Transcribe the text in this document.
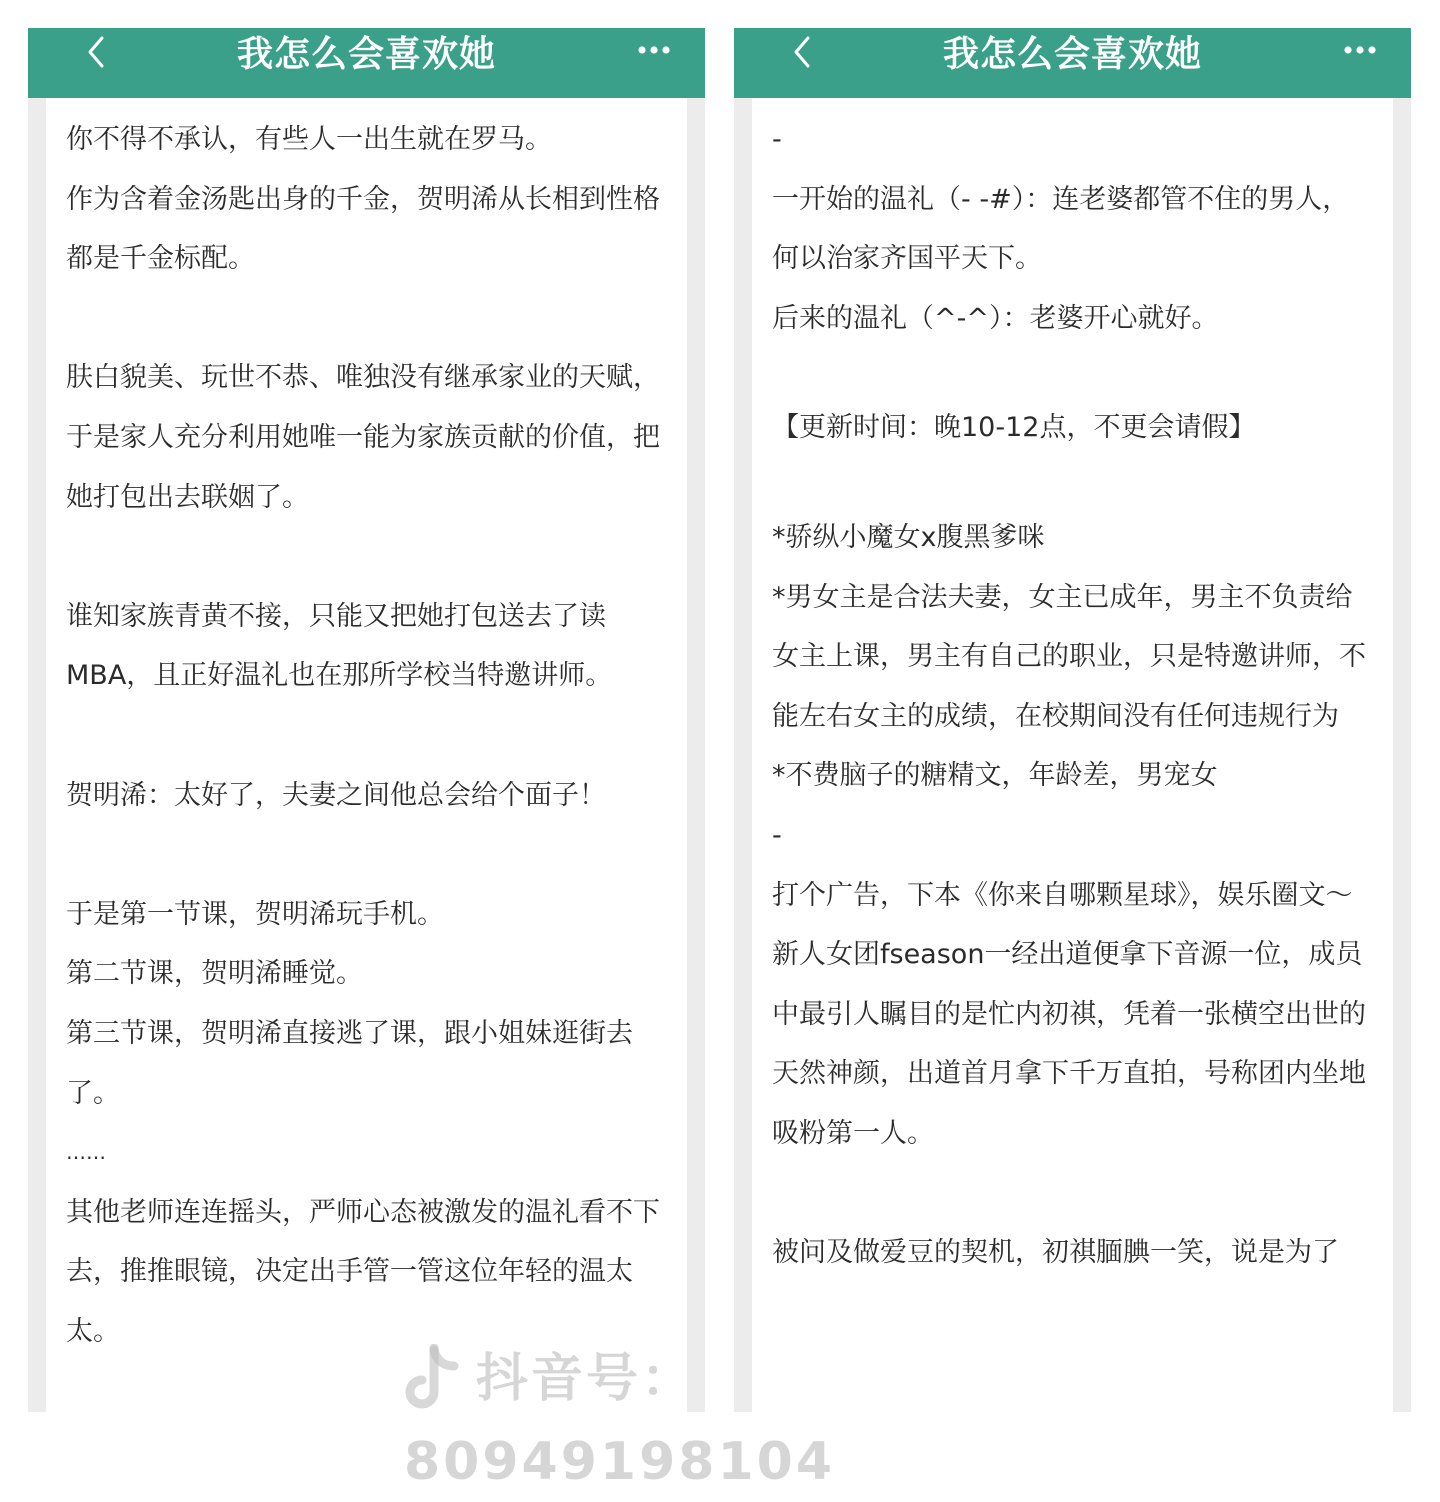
我怎么会喜欢她

你不得不承认，有些人一出生就在罗马。

作为含着金汤匙出身的千金，贺明浠从长相到性格都是千金标配。

肤白貌美、玩世不恭、唯独没有继承家业的天赋，于是家人充分利用她唯一能为家族贡献的价值，把她打包出去联姻了。

谁知家族青黄不接，只能又把她打包送去了读MBA，且正好温礼也在那所学校当特邀讲师。

贺明浠：太好了，夫妻之间他总会给个面子！

于是第一节课，贺明浠玩手机。

第二节课，贺明浠睡觉。

第三节课，贺明浠直接逃了课，跟小姐妹逛街去了。

……

其他老师连连摇头，严师心态被激发的温礼看不下去，推推眼镜，决定出手管一管这位年轻的温太太。

我怎么会喜欢她

-

一开始的温礼（- -#）：连老婆都管不住的男人，何以治家齐国平天下。

后来的温礼（^-^）：老婆开心就好。

【更新时间：晚10-12点，不更会请假】

*骄纵小魔女x腹黑爹咪

*男女主是合法夫妻，女主已成年，男主不负责给女主上课，男主有自己的职业，只是特邀讲师，不能左右女主的成绩，在校期间没有任何违规行为

*不费脑子的糖精文，年龄差，男宠女

-

打个广告，下本《你来自哪颗星球》，娱乐圈文～

新人女团fseason一经出道便拿下音源一位，成员中最引人瞩目的是忙内初祺，凭着一张横空出世的天然神颜，出道首月拿下千万直拍，号称团内坐地吸粉第一人。

被问及做爱豆的契机，初祺腼腆一笑，说是为了

抖音号：80949198104
